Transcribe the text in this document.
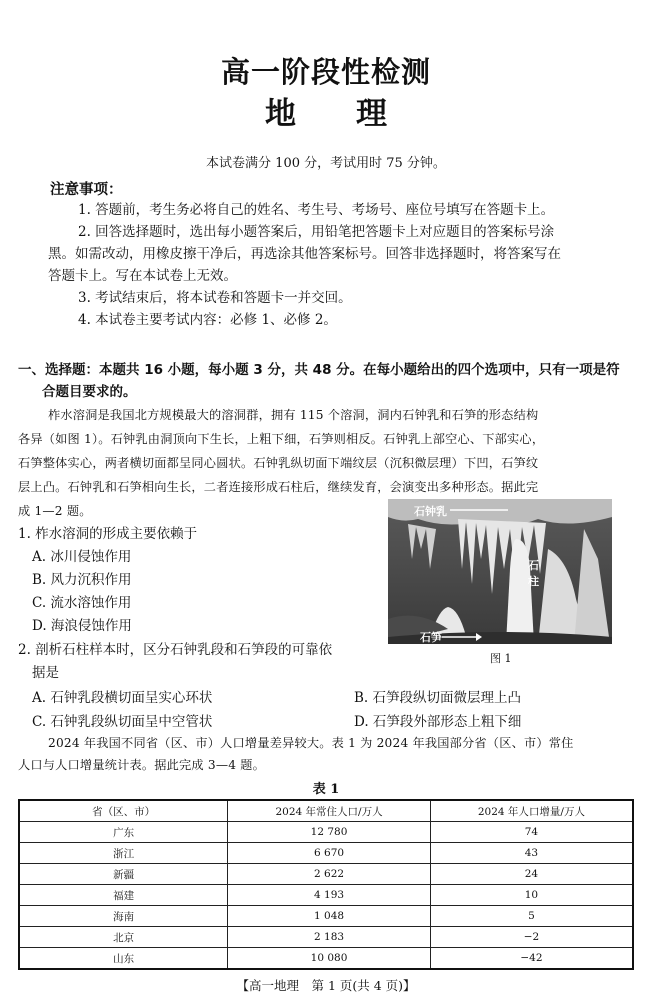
高一阶段性检测
地理
本试卷满分 100 分，考试用时 75 分钟。
注意事项：
1. 答题前，考生务必将自己的姓名、考生号、考场号、座位号填写在答题卡上。
2. 回答选择题时，选出每小题答案后，用铅笔把答题卡上对应题目的答案标号涂
黑。如需改动，用橡皮擦干净后，再选涂其他答案标号。回答非选择题时，将答案写在
答题卡上。写在本试卷上无效。
3. 考试结束后，将本试卷和答题卡一并交回。
4. 本试卷主要考试内容：必修 1、必修 2。
一、选择题：本题共 16 小题，每小题 3 分，共 48 分。在每小题给出的四个选项中，只有一项是符
合题目要求的。
柞水溶洞是我国北方规模最大的溶洞群，拥有 115 个溶洞，洞内石钟乳和石笋的形态结构
各异（如图 1）。石钟乳由洞顶向下生长，上粗下细，石笋则相反。石钟乳上部空心、下部实心，
石笋整体实心，两者横切面都呈同心圆状。石钟乳纵切面下端纹层（沉积微层理）下凹，石笋纹
层上凸。石钟乳和石笋相向生长，二者连接形成石柱后，继续发育，会演变出多种形态。据此完
成 1—2 题。	石钟乳
石
柱
石笋
图 1
1. 柞水溶洞的形成主要依赖于
A. 冰川侵蚀作用
B. 风力沉积作用
C. 流水溶蚀作用
D. 海浪侵蚀作用
2. 剖析石柱样本时，区分石钟乳段和石笋段的可靠依
据是
A. 石钟乳段横切面呈实心环状	B. 石笋段纵切面微层理上凸
C. 石钟乳段纵切面呈中空管状	D. 石笋段外部形态上粗下细
2024 年我国不同省（区、市）人口增量差异较大。表 1 为 2024 年我国部分省（区、市）常住
人口与人口增量统计表。据此完成 3—4 题。
表 1
省（区、市）	2024 年常住人口/万人	2024 年人口增量/万人
广东	12 780	74
浙江	6 670	43
新疆	2 622	24
福建	4 193	10
海南	1 048	5
北京	2 183	−2
山东	10 080	−42
【高一地理　第 1 页(共 4 页)】
